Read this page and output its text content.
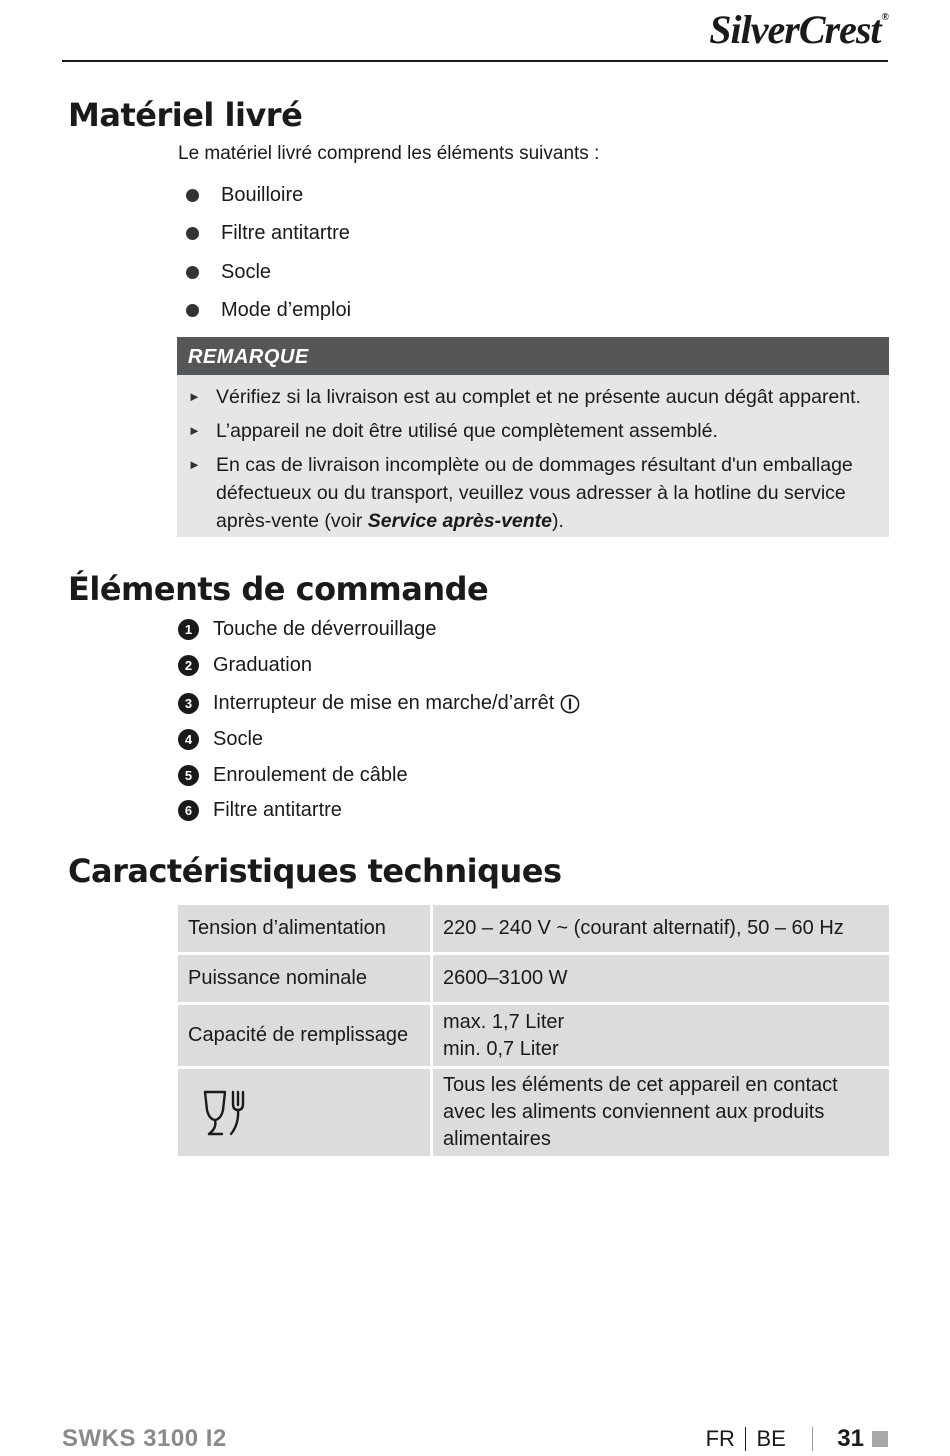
SilverCrest®
Matériel livré
Le matériel livré comprend les éléments suivants :
Bouilloire
Filtre antitartre
Socle
Mode d’emploi
REMARQUE
► Vérifiez si la livraison est au complet et ne présente aucun dégât apparent.
► L’appareil ne doit être utilisé que complètement assemblé.
► En cas de livraison incomplète ou de dommages résultant d'un emballage défectueux ou du transport, veuillez vous adresser à la hotline du service après-vente (voir Service après-vente).
Éléments de commande
1	Touche de déverrouillage
2	Graduation
3	Interrupteur de mise en marche/d’arrêt
4	Socle
5	Enroulement de câble
6	Filtre antitartre
Caractéristiques techniques
Tension d’alimentation	220 – 240 V ~ (courant alternatif), 50 – 60 Hz
Puissance nominale	2600–3100 W
Capacité de remplissage	max. 1,7 Liter
min. 0,7 Liter

	Tous les éléments de cet appareil en contact avec les aliments conviennent aux produits alimentaires
SWKS 3100 I2	FR BE 31
